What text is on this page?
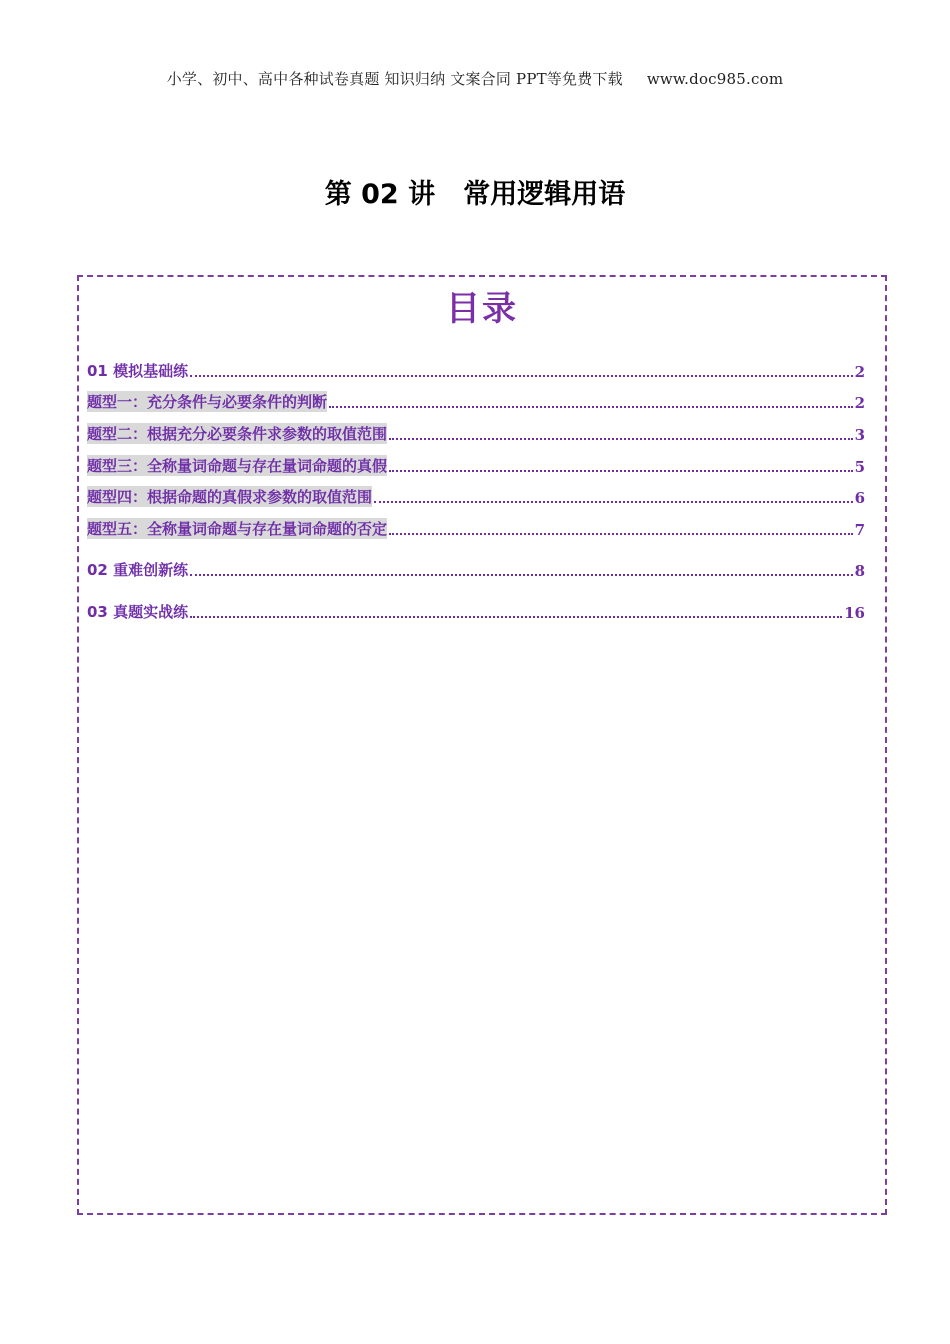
小学、初中、高中各种试卷真题 知识归纳 文案合同 PPT等免费下载 www.doc985.com
第 02 讲   常用逻辑用语
目录
01 模拟基础练	2
题型一：充分条件与必要条件的判断	2
题型二：根据充分必要条件求参数的取值范围	3
题型三：全称量词命题与存在量词命题的真假	5
题型四：根据命题的真假求参数的取值范围	6
题型五：全称量词命题与存在量词命题的否定	7
02 重难创新练	8
03 真题实战练	16
